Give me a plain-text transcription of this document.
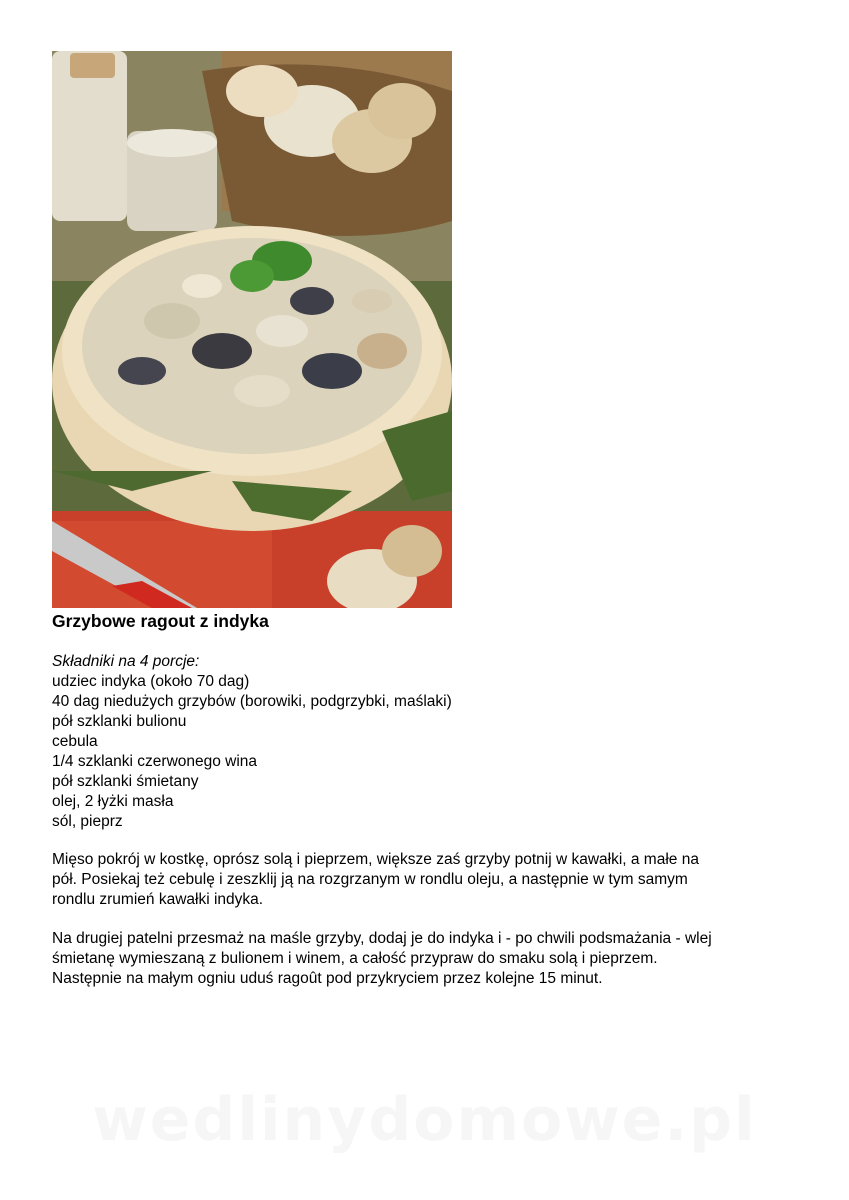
Grzybowe ragout z indyka
Składniki na 4 porcje:
udziec indyka (około 70 dag)
40 dag niedużych grzybów (borowiki, podgrzybki, maślaki)
pół szklanki bulionu
cebula
1/4 szklanki czerwonego wina
pół szklanki śmietany
olej, 2 łyżki masła
sól, pieprz

Mięso pokrój w kostkę, oprósz solą i pieprzem, większe zaś grzyby potnij w kawałki, a małe na
pół. Posiekaj też cebulę i zeszklij ją na rozgrzanym w rondlu oleju, a następnie w tym samym
rondlu zrumień kawałki indyka.

Na drugiej patelni przesmaż na maśle grzyby, dodaj je do indyka i - po chwili podsmażania - wlej
śmietanę wymieszaną z bulionem i winem, a całość przypraw do smaku solą i pieprzem.
Następnie na małym ogniu uduś ragoût pod przykryciem przez kolejne 15 minut.

wedlinydomowe.pl
